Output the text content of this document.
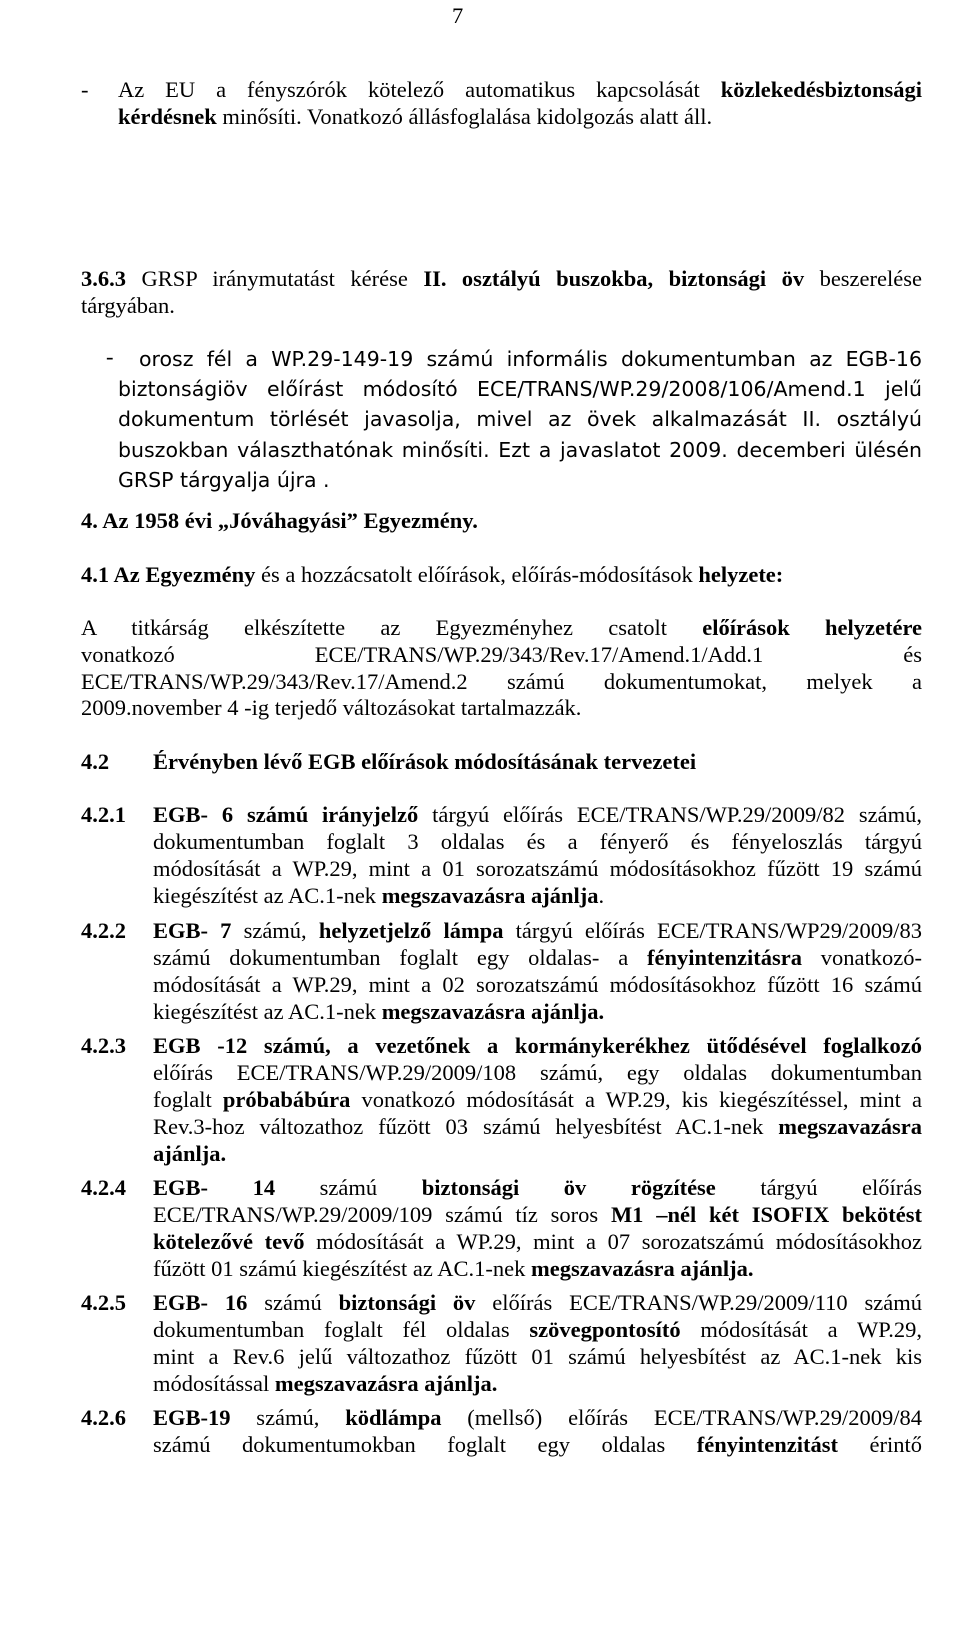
7
- Az EU a fényszórók kötelező automatikus kapcsolását közlekedésbiztonsági
kérdésnek minősíti. Vonatkozó állásfoglalása kidolgozás alatt áll.
3.6.3 GRSP iránymutatást kérése II. osztályú buszokba, biztonsági öv beszerelése
tárgyában.
- orosz fél a WP.29-149-19 számú informális dokumentumban az EGB-16
biztonságiöv előírást módosító ECE/TRANS/WP.29/2008/106/Amend.1 jelű
dokumentum törlését javasolja, mivel az övek alkalmazását II. osztályú
buszokban választhatónak minősíti. Ezt a javaslatot 2009. decemberi ülésén
GRSP tárgyalja újra .
4. Az 1958 évi „Jóváhagyási” Egyezmény.
4.1 Az Egyezmény és a hozzácsatolt előírások, előírás-módosítások helyzete:
A titkárság elkészítette az Egyezményhez csatolt előírások helyzetére
vonatkozó ECE/TRANS/WP.29/343/Rev.17/Amend.1/Add.1 és
ECE/TRANS/WP.29/343/Rev.17/Amend.2 számú dokumentumokat, melyek a
2009.november 4 -ig terjedő változásokat tartalmazzák.
4.2 Érvényben lévő EGB előírások módosításának tervezetei
4.2.1 EGB- 6 számú irányjelző tárgyú előírás ECE/TRANS/WP.29/2009/82 számú,
dokumentumban foglalt 3 oldalas és a fényerő és fényeloszlás tárgyú
módosítását a WP.29, mint a 01 sorozatszámú módosításokhoz fűzött 19 számú
kiegészítést az AC.1-nek megszavazásra ajánlja.
4.2.2 EGB- 7 számú, helyzetjelző lámpa tárgyú előírás ECE/TRANS/WP29/2009/83
számú dokumentumban foglalt egy oldalas- a fényintenzitásra vonatkozó-
módosítását a WP.29, mint a 02 sorozatszámú módosításokhoz fűzött 16 számú
kiegészítést az AC.1-nek megszavazásra ajánlja.
4.2.3 EGB -12 számú, a vezetőnek a kormánykerékhez ütődésével foglalkozó
előírás ECE/TRANS/WP.29/2009/108 számú, egy oldalas dokumentumban
foglalt próbabábúra vonatkozó módosítását a WP.29, kis kiegészítéssel, mint a
Rev.3-hoz változathoz fűzött 03 számú helyesbítést AC.1-nek megszavazásra
ajánlja.
4.2.4 EGB- 14 számú biztonsági öv rögzítése tárgyú előírás
ECE/TRANS/WP.29/2009/109 számú tíz soros M1 –nél két ISOFIX bekötést
kötelezővé tevő módosítását a WP.29, mint a 07 sorozatszámú módosításokhoz
fűzött 01 számú kiegészítést az AC.1-nek megszavazásra ajánlja.
4.2.5 EGB- 16 számú biztonsági öv előírás ECE/TRANS/WP.29/2009/110 számú
dokumentumban foglalt fél oldalas szövegpontosító módosítását a WP.29,
mint a Rev.6 jelű változathoz fűzött 01 számú helyesbítést az AC.1-nek kis
módosítással megszavazásra ajánlja.
4.2.6 EGB-19 számú, ködlámpa (mellső) előírás ECE/TRANS/WP.29/2009/84
számú dokumentumokban foglalt egy oldalas fényintenzitást érintő
